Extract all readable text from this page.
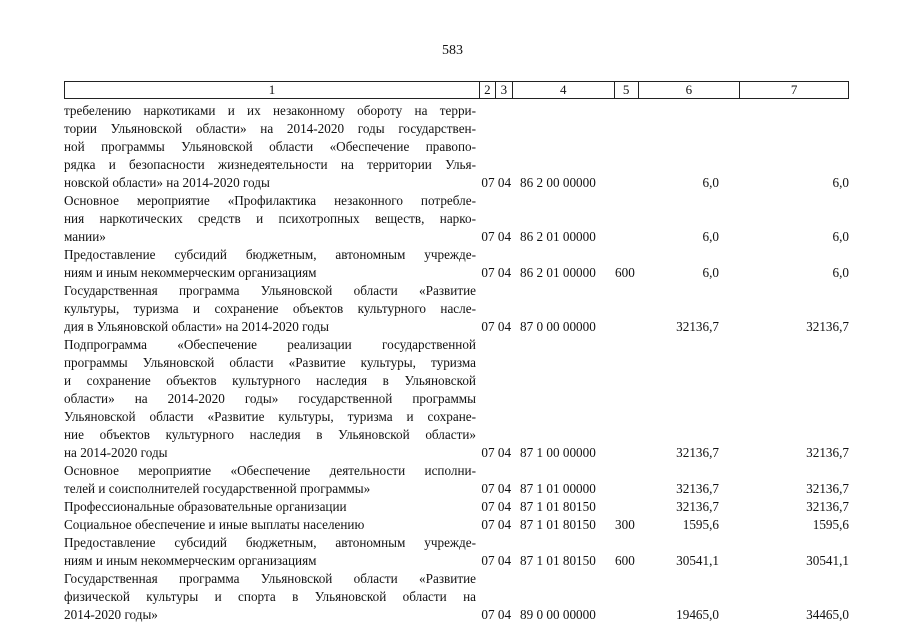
583
1	2 3	4	5	6	7
требелению наркотиками и их незаконному обороту на терри-
тории Ульяновской области» на 2014-2020 годы государствен-
ной программы Ульяновской области «Обеспечение правопо-
рядка и безопасности жизнедеятельности на территории Улья-
новской области» на 2014-2020 годы	07 04 86 2 00 00000	6,0	6,0
Основное мероприятие «Профилактика незаконного потребле-
ния наркотических средств и психотропных веществ, нарко-
мании»	07 04 86 2 01 00000	6,0	6,0
Предоставление субсидий бюджетным, автономным учрежде-
ниям и иным некоммерческим организациям	07 04 86 2 01 00000	600	6,0	6,0
Государственная программа Ульяновской области «Развитие
культуры, туризма и сохранение объектов культурного насле-
дия в Ульяновской области» на 2014-2020 годы	07 04 87 0 00 00000	32136,7	32136,7
Подпрограмма «Обеспечение реализации государственной
программы Ульяновской области «Развитие культуры, туризма
и сохранение объектов культурного наследия в Ульяновской
области» на 2014-2020 годы» государственной программы
Ульяновской области «Развитие культуры, туризма и сохране-
ние объектов культурного наследия в Ульяновской области»
на 2014-2020 годы	07 04 87 1 00 00000	32136,7	32136,7
Основное мероприятие «Обеспечение деятельности исполни-
телей и соисполнителей государственной программы»	07 04 87 1 01 00000	32136,7	32136,7
Профессиональные образовательные организации	07 04 87 1 01 80150	32136,7	32136,7
Социальное обеспечение и иные выплаты населению	07 04 87 1 01 80150	300	1595,6	1595,6
Предоставление субсидий бюджетным, автономным учрежде-
ниям и иным некоммерческим организациям	07 04 87 1 01 80150	600	30541,1	30541,1
Государственная программа Ульяновской области «Развитие
физической культуры и спорта в Ульяновской области на
2014-2020 годы»	07 04 89 0 00 00000	19465,0	34465,0
